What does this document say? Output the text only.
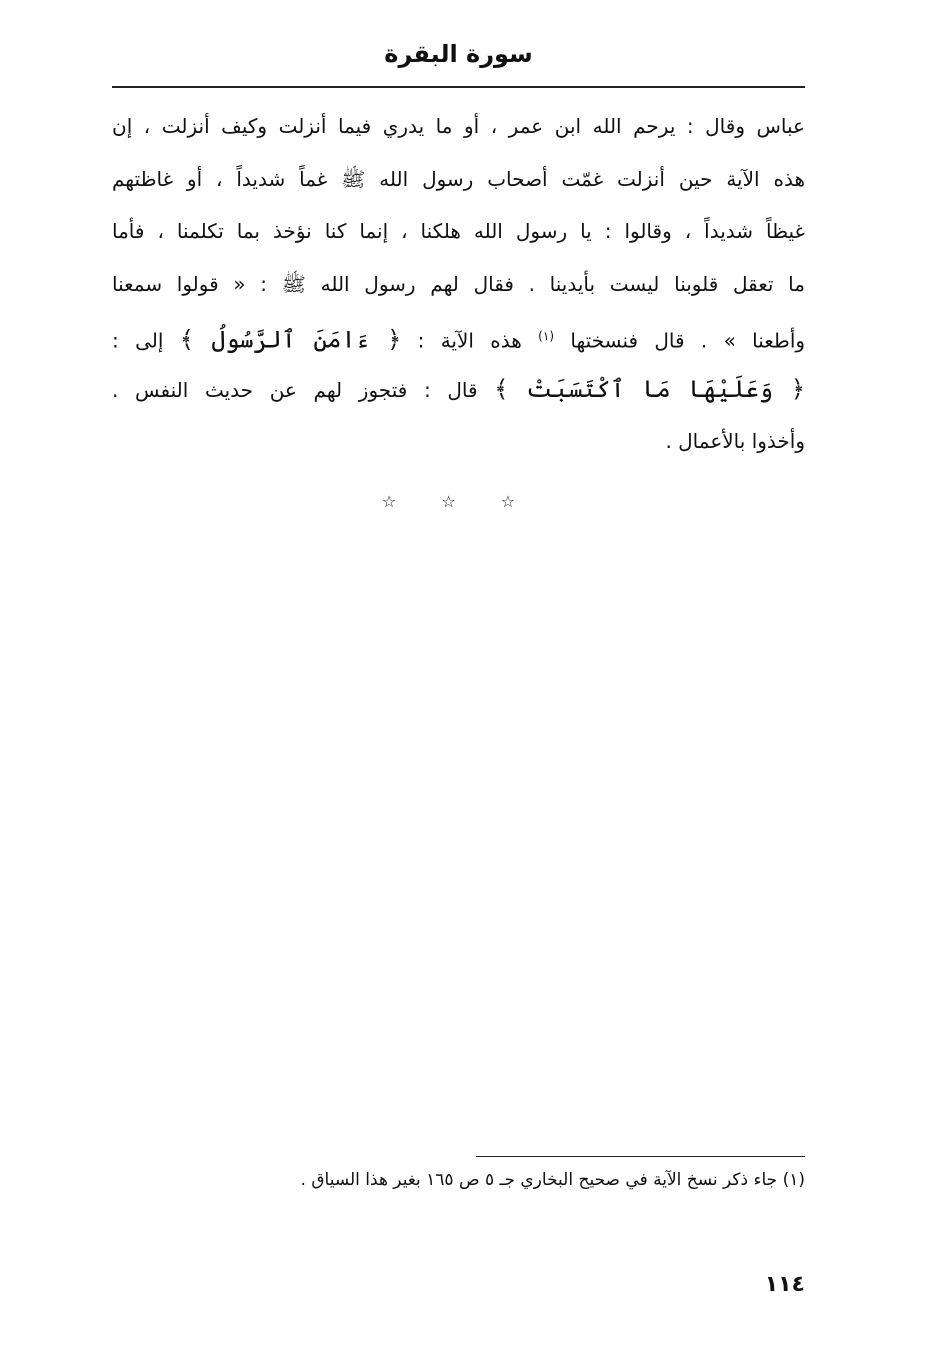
سورة البقرة
عباس وقال : يرحم الله ابن عمر ، أو ما يدري فيما أنزلت وكيف أنزلت ، إن
هذه الآية حين أنزلت غمّت أصحاب رسول الله ﷺ غماً شديداً ، أو غاظتهم
غيظاً شديداً ، وقالوا : يا رسول الله هلكنا ، إنما كنا نؤخذ بما تكلمنا ، فأما
ما تعقل قلوبنا ليست بأيدينا . فقال لهم رسول الله ﷺ : « قولوا سمعنا
وأطعنا » . قال فنسختها $^{(١)}$ هذه الآية : ﴿ ءَامَنَ ٱلرَّسُولُ ﴾ إلى :
﴿ وَعَلَيْهَا مَا ٱكْتَسَبَتْ ﴾ قال : فتجوز لهم عن حديث النفس .
وأخذوا بالأعمال .
☆ ☆ ☆
(١) جاء ذكر نسخ الآية في صحيح البخاري جـ ٥ ص ١٦٥ بغير هذا السياق .
١١٤
